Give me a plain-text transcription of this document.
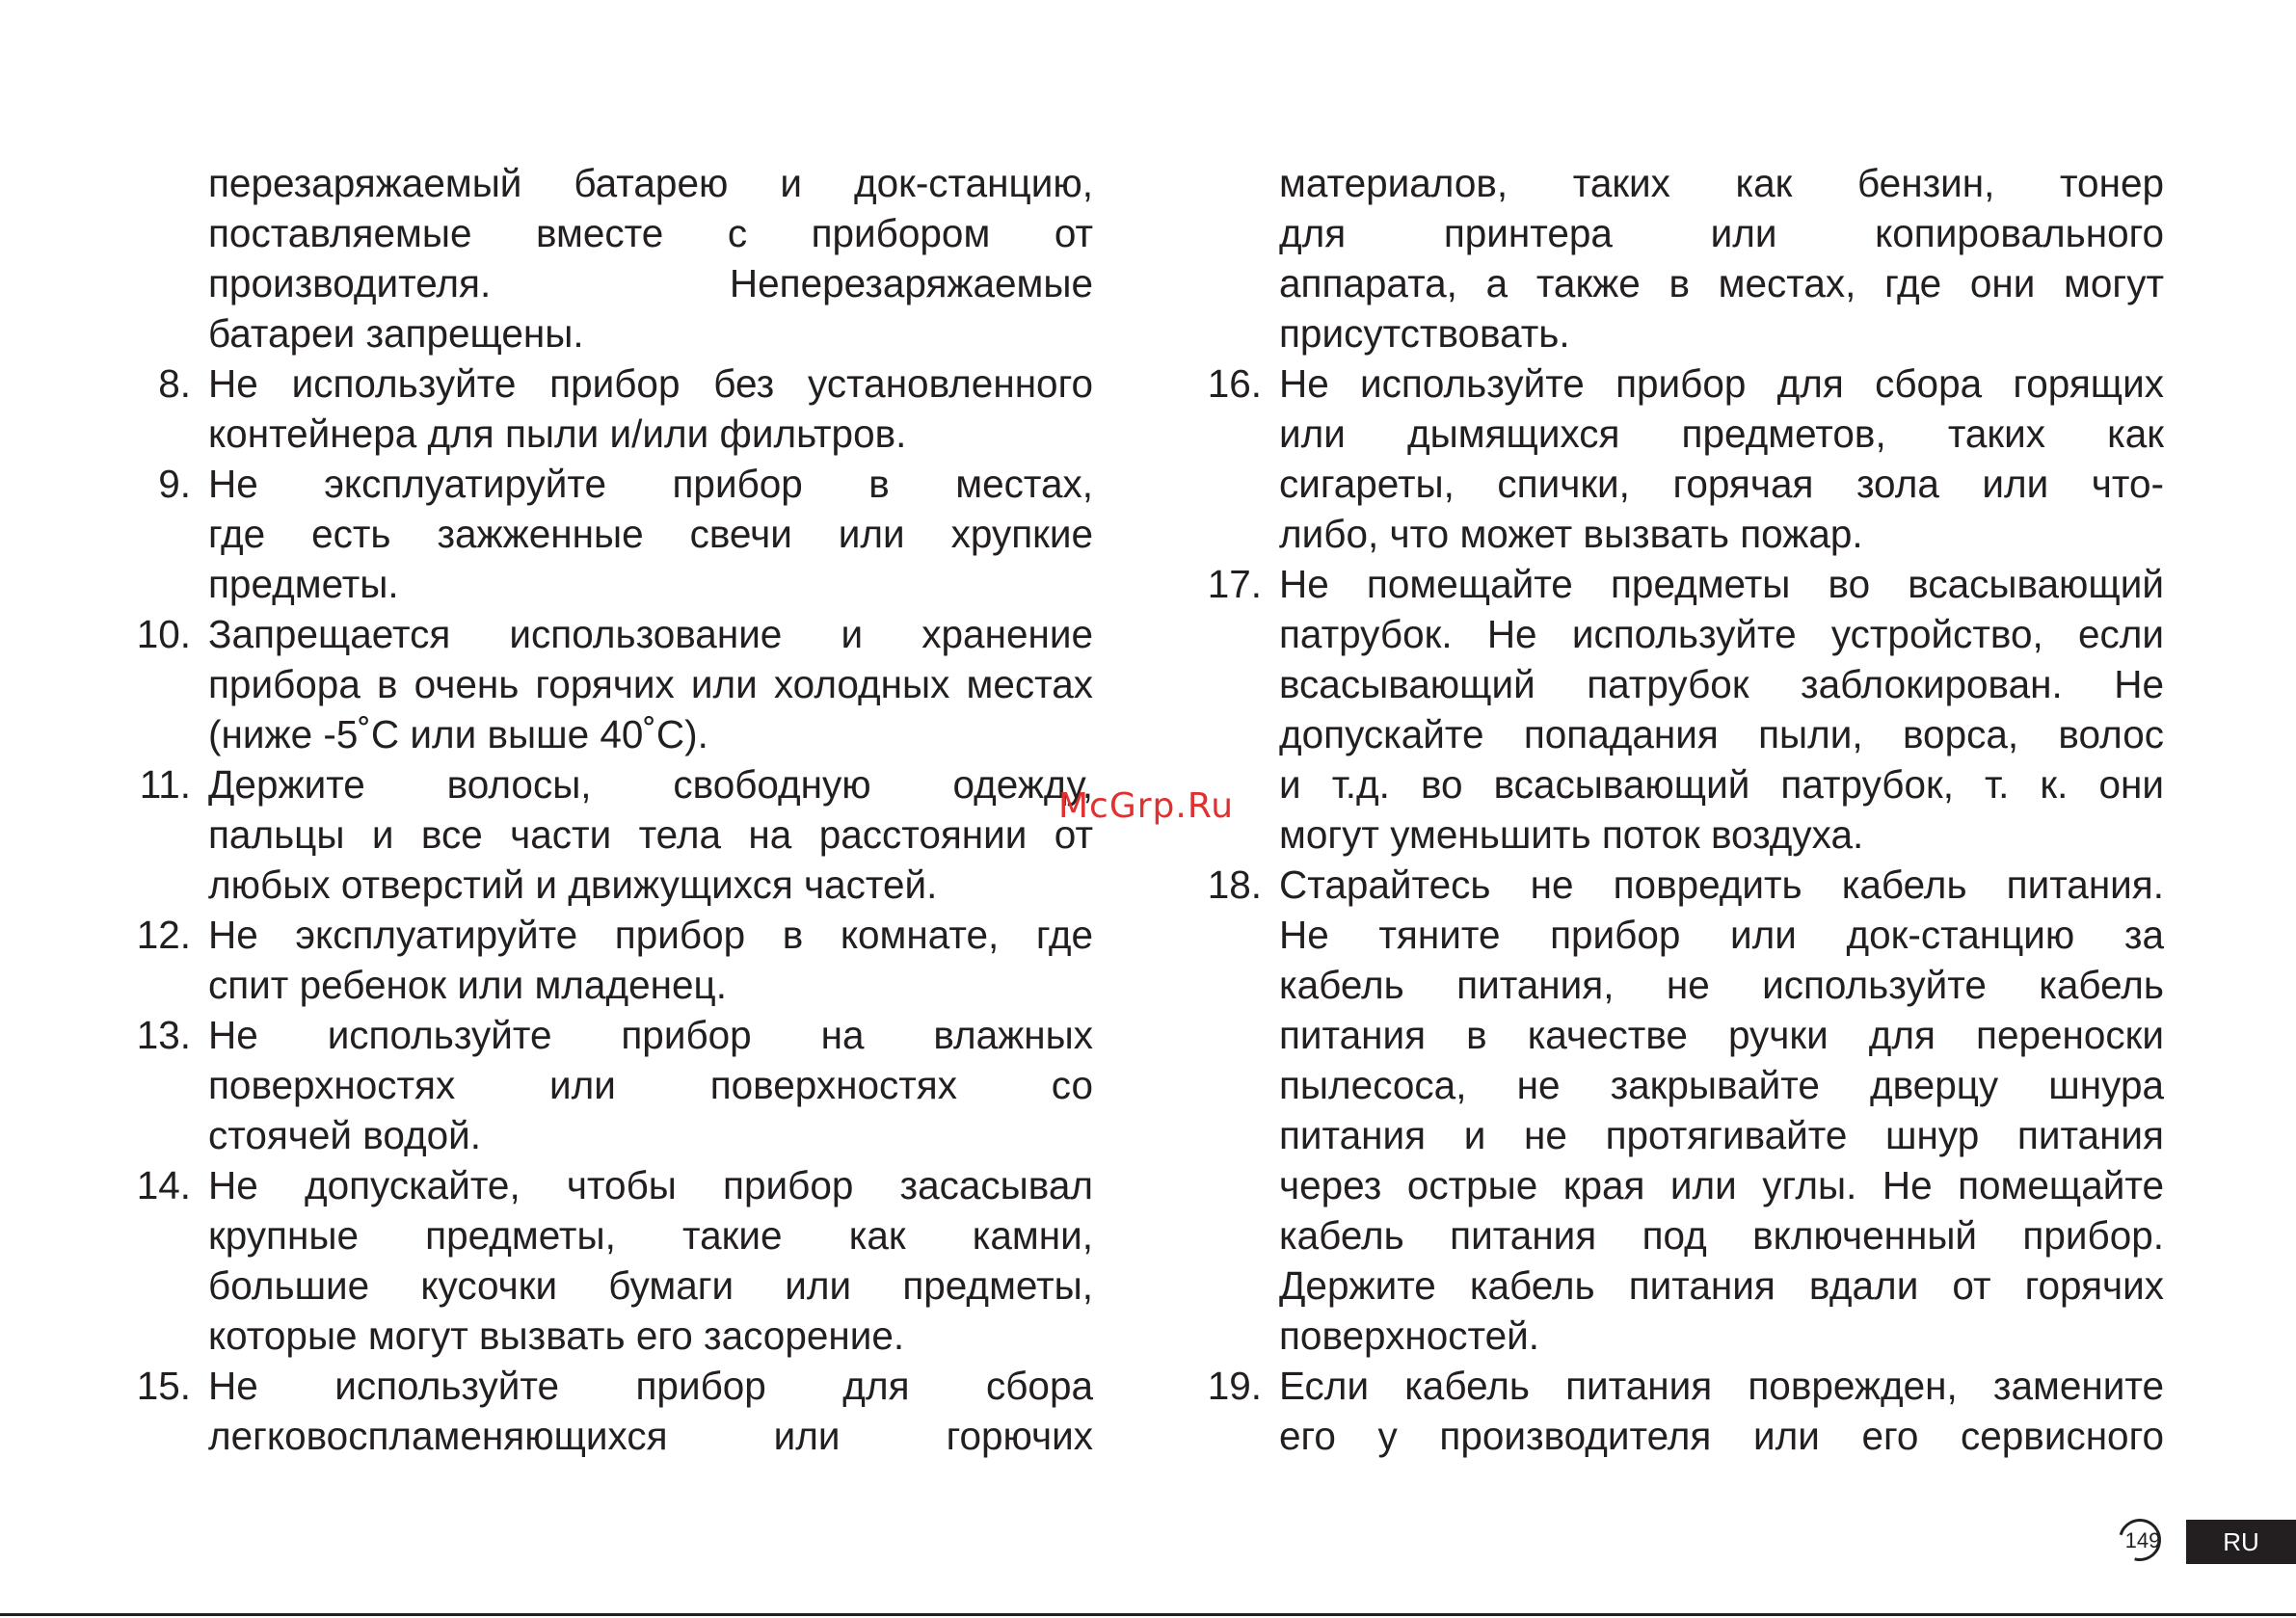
перезаряжаемый батарею и док-станцию,
поставляемые вместе с прибором от
производителя. Неперезаряжаемые
батареи запрещены.
8. Не используйте прибор без установленного
контейнера для пыли и/или фильтров.
9. Не эксплуатируйте прибор в местах,
где есть зажженные свечи или хрупкие
предметы.
10. Запрещается использование и хранение
прибора в очень горячих или холодных местах
(ниже -5˚C или выше 40˚C).
11. Держите волосы, свободную одежду,
пальцы и все части тела на расстоянии от
любых отверстий и движущихся частей.
12. Не эксплуатируйте прибор в комнате, где
спит ребенок или младенец.
13. Не используйте прибор на влажных
поверхностях или поверхностях со
стоячей водой.
14. Не допускайте, чтобы прибор засасывал
крупные предметы, такие как камни,
большие кусочки бумаги или предметы,
которые могут вызвать его засорение.
15. Не используйте прибор для сбора
легковоспламеняющихся или горючих
материалов, таких как бензин, тонер
для принтера или копировального
аппарата, а также в местах, где они могут
присутствовать.
16. Не используйте прибор для сбора горящих
или дымящихся предметов, таких как
сигареты, спички, горячая зола или что-
либо, что может вызвать пожар.
17. Не помещайте предметы во всасывающий
патрубок. Не используйте устройство, если
всасывающий патрубок заблокирован. Не
допускайте попадания пыли, ворса, волос
и т.д. во всасывающий патрубок, т. к. они
могут уменьшить поток воздуха.
18. Старайтесь не повредить кабель питания.
Не тяните прибор или док-станцию за
кабель питания, не используйте кабель
питания в качестве ручки для переноски
пылесоса, не закрывайте дверцу шнура
питания и не протягивайте шнур питания
через острые края или углы. Не помещайте
кабель питания под включенный прибор.
Держите кабель питания вдали от горячих
поверхностей.
19. Если кабель питания поврежден, замените
его у производителя или его сервисного
McGrp.Ru
149	RU
